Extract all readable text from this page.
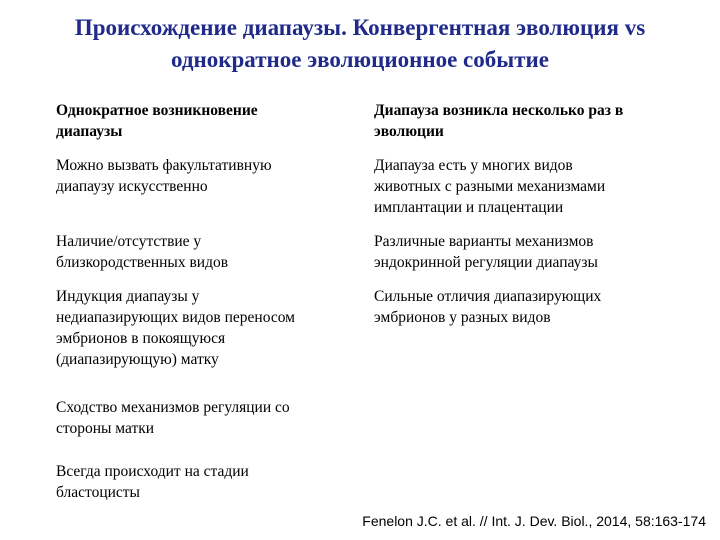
Происхождение диапаузы. Конвергентная эволюция vs
однократное эволюционное событие
Однократное возникновение
диапаузы
Диапауза возникла несколько раз в
эволюции
Можно вызвать факультативную
диапаузу искусственно
Диапауза есть у многих видов
животных с разными механизмами
имплантации и плацентации
Наличие/отсутствие у
близкородственных видов
Различные варианты механизмов
эндокринной регуляции диапаузы
Индукция диапаузы у
недиапазирующих видов переносом
эмбрионов в покоящуюся
(диапазирующую) матку
Сильные отличия диапазирующих
эмбрионов у разных видов
Сходство механизмов регуляции со
стороны матки
Всегда происходит на стадии
бластоцисты
Fenelon J.C. et al. // Int. J. Dev. Biol., 2014, 58:163-174
